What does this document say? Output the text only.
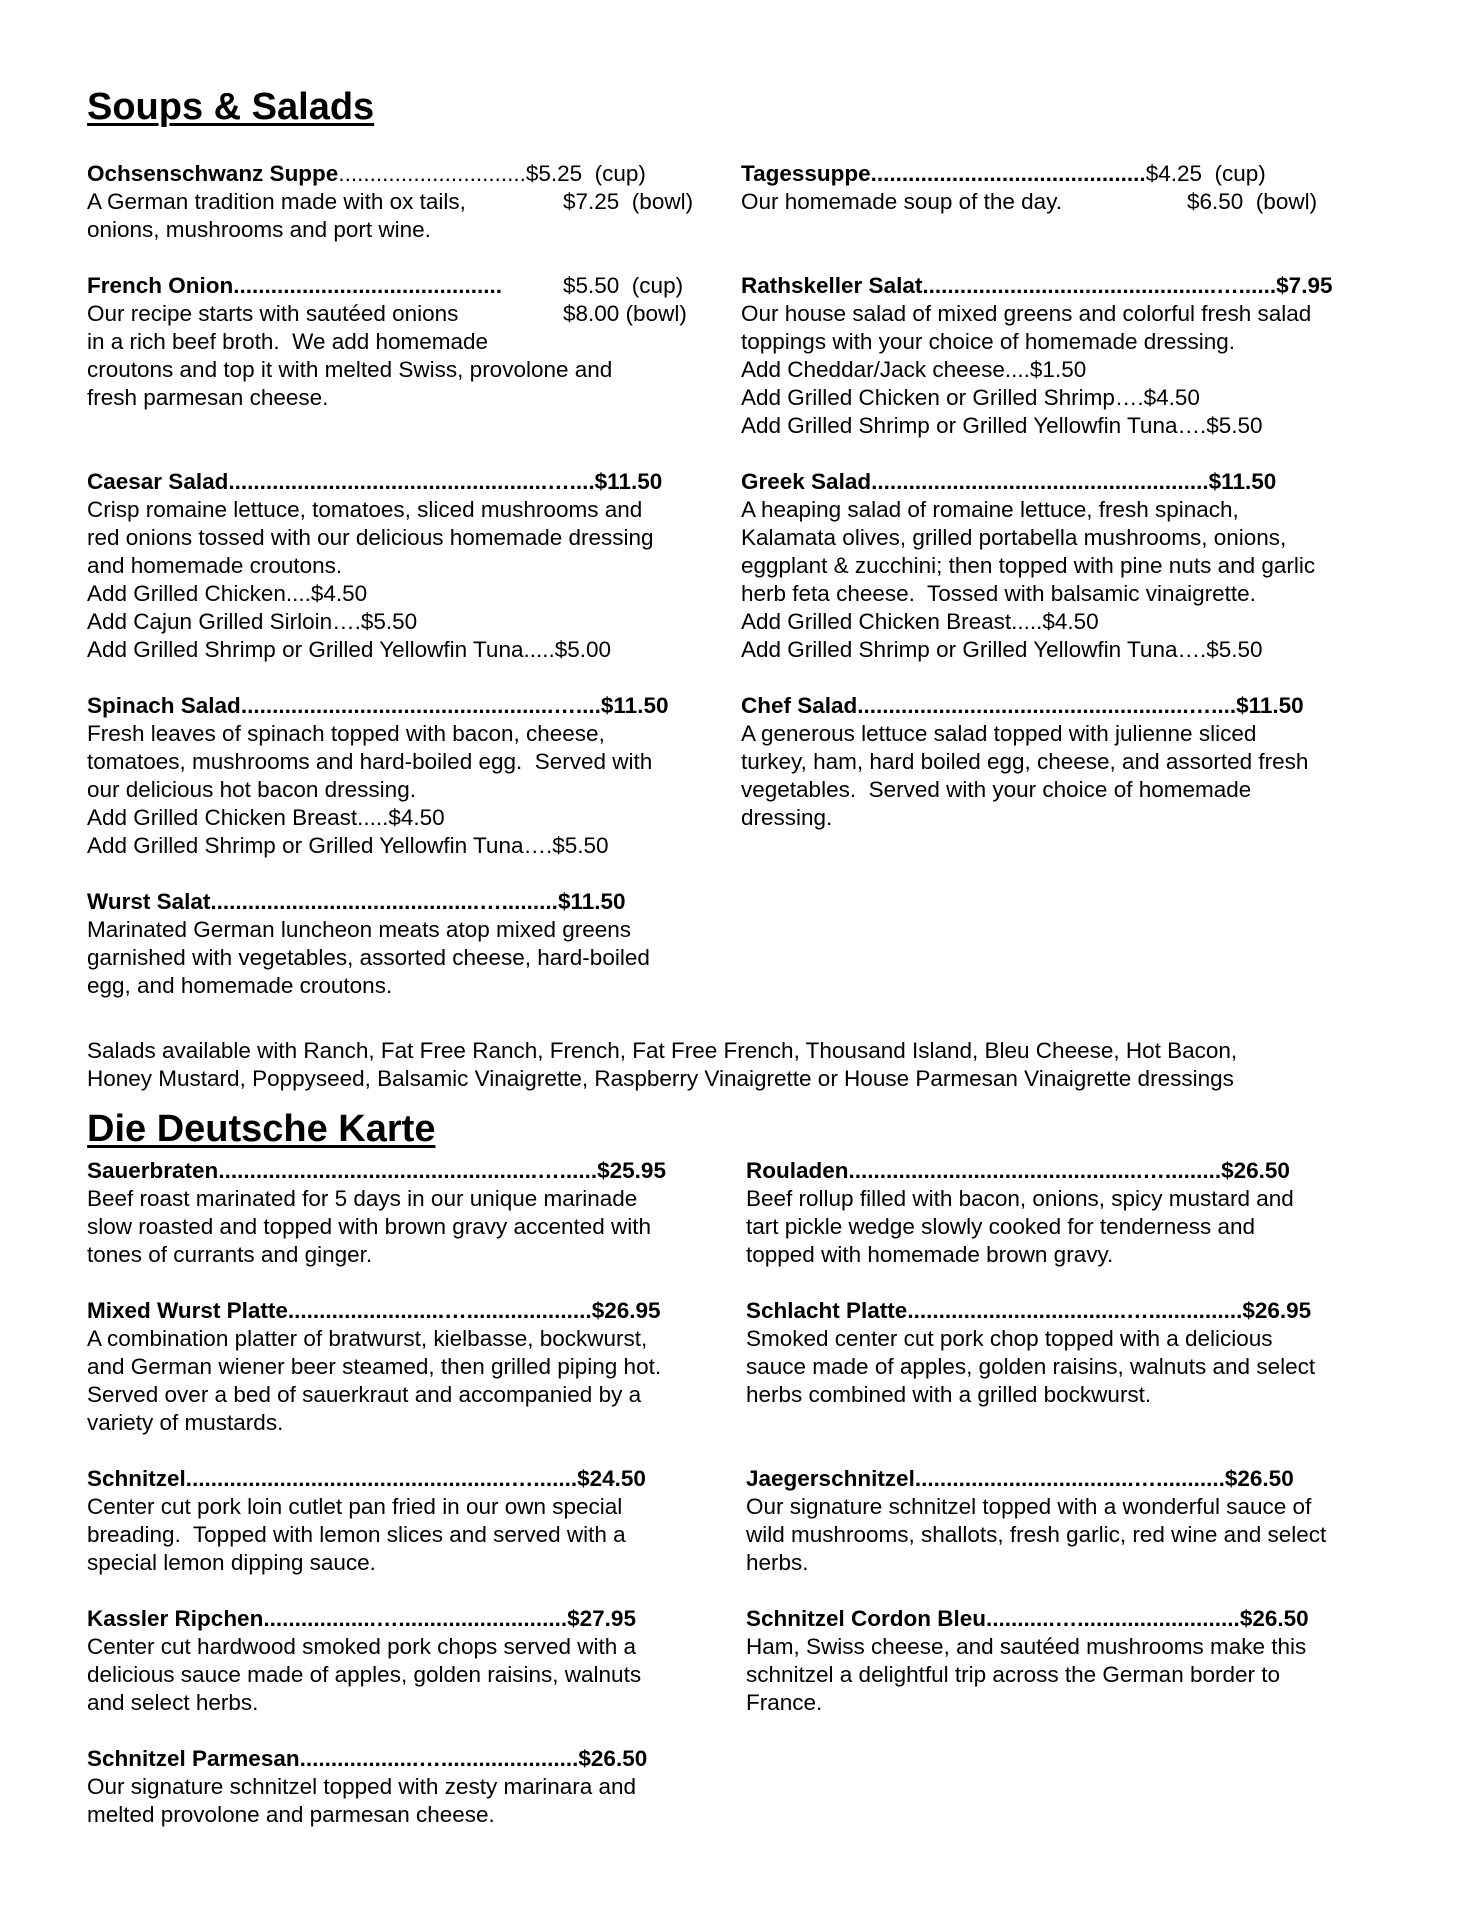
Soups & Salads
Ochsenschwanz Suppe..............................$5.25  (cup)
A German tradition made with ox tails,
onions, mushrooms and port wine.
$7.25  (bowl)
Tagessuppe............................................$4.25  (cup)
Our homemade soup of the day.	$6.50  (bowl)
French Onion...........................................
Our recipe starts with sautéed onions
in a rich beef broth.  We add homemade
croutons and top it with melted Swiss, provolone and
fresh parmesan cheese.
$5.50  (cup)
$8.00 (bowl)
Rathskeller Salat...............................................…......$7.95
Our house salad of mixed greens and colorful fresh salad
toppings with your choice of homemade dressing.
Add Cheddar/Jack cheese....$1.50
Add Grilled Chicken or Grilled Shrimp….$4.50
Add Grilled Shrimp or Grilled Yellowfin Tuna….$5.50
Caesar Salad...................................................…....$11.50
Crisp romaine lettuce, tomatoes, sliced mushrooms and
red onions tossed with our delicious homemade dressing
and homemade croutons.
Add Grilled Chicken....$4.50
Add Cajun Grilled Sirloin….$5.50
Add Grilled Shrimp or Grilled Yellowfin Tuna.....$5.00
Greek Salad......................................................$11.50
A heaping salad of romaine lettuce, fresh spinach,
Kalamata olives, grilled portabella mushrooms, onions,
eggplant & zucchini; then topped with pine nuts and garlic
herb feta cheese.  Tossed with balsamic vinaigrette.
Add Grilled Chicken Breast.....$4.50
Add Grilled Shrimp or Grilled Yellowfin Tuna….$5.50
Spinach Salad..................................................…....$11.50
Fresh leaves of spinach topped with bacon, cheese,
tomatoes, mushrooms and hard-boiled egg.  Served with
our delicious hot bacon dressing.
Add Grilled Chicken Breast.....$4.50
Add Grilled Shrimp or Grilled Yellowfin Tuna….$5.50
Chef Salad.....................................................…....$11.50
A generous lettuce salad topped with julienne sliced
turkey, ham, hard boiled egg, cheese, and assorted fresh
vegetables.  Served with your choice of homemade
dressing.
Wurst Salat...........................................….........$11.50
Marinated German luncheon meats atop mixed greens
garnished with vegetables, assorted cheese, hard-boiled
egg, and homemade croutons.
Salads available with Ranch, Fat Free Ranch, French, Fat Free French, Thousand Island, Bleu Cheese, Hot Bacon,
Honey Mustard, Poppyseed, Balsamic Vinaigrette, Raspberry Vinaigrette or House Parmesan Vinaigrette dressings
Die Deutsche Karte
Sauerbraten...................................................…......$25.95
Beef roast marinated for 5 days in our unique marinade
slow roasted and topped with brown gravy accented with
tones of currants and ginger.
Rouladen...............................................….........$26.50
Beef rollup filled with bacon, onions, spicy mustard and
tart pickle wedge slowly cooked for tenderness and
topped with homemade brown gravy.
Mixed Wurst Platte.........................…....................$26.95
A combination platter of bratwurst, kielbasse, bockwurst,
and German wiener beer steamed, then grilled piping hot.
Served over a bed of sauerkraut and accompanied by a
variety of mustards.
Schlacht Platte...................................…...............$26.95
Smoked center cut pork chop topped with a delicious
sauce made of apples, golden raisins, walnuts and select
herbs combined with a grilled bockwurst.
Schnitzel....................................................….......$24.50
Center cut pork loin cutlet pan fried in our own special
breading.  Topped with lemon slices and served with a
special lemon dipping sauce.
Jaegerschnitzel...................................…...........$26.50
Our signature schnitzel topped with a wonderful sauce of
wild mushrooms, shallots, fresh garlic, red wine and select
herbs.
Kassler Ripchen..................…...........................$27.95
Center cut hardwood smoked pork chops served with a
delicious sauce made of apples, golden raisins, walnuts
and select herbs.
Schnitzel Cordon Bleu...........…..........................$26.50
Ham, Swiss cheese, and sautéed mushrooms make this
schnitzel a delightful trip across the German border to
France.
Schnitzel Parmesan...................…......................$26.50
Our signature schnitzel topped with zesty marinara and
melted provolone and parmesan cheese.
